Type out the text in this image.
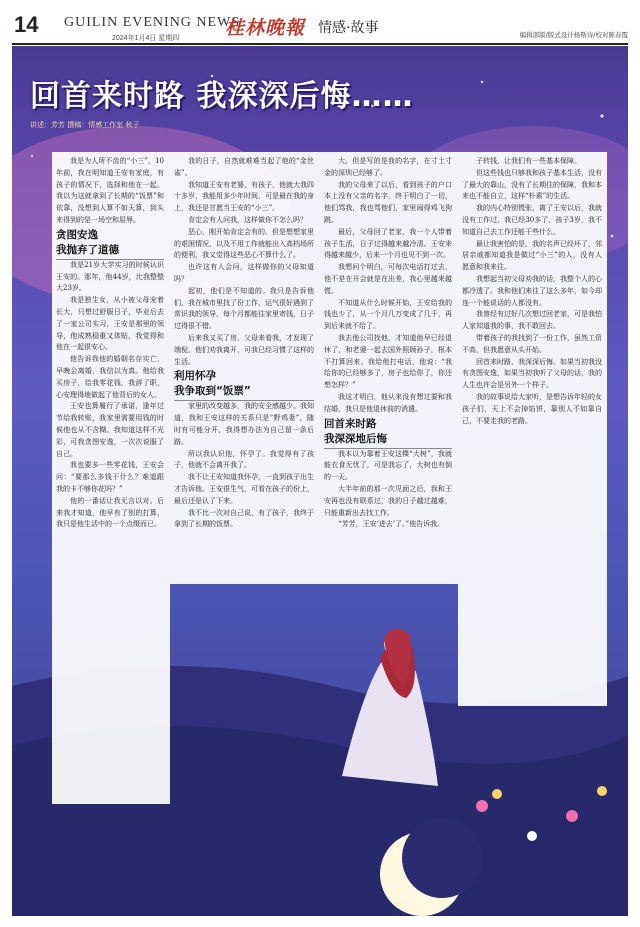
14 GUILIN EVENING NEWS
2024年1月4日 星期四 桂林晚報 情感·故事	编辑部版/版式设计杨斯诗/校对陈春霞
回首来时路 我深深后悔……
讲述：芳芳 撰稿：情感工作室 秋子

我是为人所不齿的“小三”，10年前，我在明知道王安有家庭，有孩子的情况下，选择和他在一起。我以为这就拿到了长期的“饭票”和依靠，没想到人算不如天算，到头来得到的是一场空和屈辱。

贪图安逸

我抛弃了道德

我是21岁大学实习的时候认识王安的。那年，他44岁，比我整整大23岁。

我是独生女，从小被父母宠着长大，只想过舒服日子，毕业后去了一家公司实习，王安是那里的领导，他成熟稳重又体贴，我觉得和他在一起很安心。

他告诉我他的婚姻名存实亡，早晚会离婚，我信以为真。他给我买房子，给我零花钱，我辞了职，心安理得地做起了他背后的女人。

王安也算履行了承诺，逢年过节给我转账，我家里需要用钱的时候他也从不含糊。我知道这样不光彩，可我贪图安逸，一次次说服了自己。

我也要多一些零花钱，王安会问：“要那么多钱干什么？难道跟我的卡不够你花吗？”

他的一番话让我无言以对。后来我才知道，他早有了别的打算，我只是他生活中的一个点缀而已。

我的日子，自然就难难当起了他的“金丝雀”。

我知道王安有老婆，有孩子，他就大我四十多岁，我能用多少年时间，可是最在我的身上，我还是甘愿当王安的“小三”。

肯定会有人问我，这样做你不怎么吗？

恶心，刚开始肯定会有的。但是想想家里的艰困情况，以及不用工作就能出入高档场所的便利，我又觉得这些恶心不算什么了。

也许这有人会问，这样做你的父母知道吗？

起初，他们是不知道的。我只是告诉他们，我在城市里找了份工作，运气很好遇到了赏识我的领导，每个月都能往家里寄钱，日子过得很不错。

后来我又买了房，父母来看我，才发现了端倪。他们劝我离开，可我已经习惯了这样的生活。

利用怀孕

我争取到“饭票”

家里的改变越多，我的安全感越少。我知道，我和王安这样的关系只是“野鸡妻”，随时有可能分开，我得想办法为自己留一条后路。

所以我认识他，怀孕了。我觉得有了孩子，他就不会离开我了。

我不让王安知道我怀孕，一直到孩子出生才告诉他。王安很生气，可看在孩子的份上，最后还是认了下来。

我不比一次对自己说，有了孩子，我终于拿到了长期的饭票。

大，但是写的是我的名字，在寸土寸金的深圳已经够了。

我的父母来了以后，看到孩子的户口本上没有父亲的名字，终于明白了一切，他们骂我，我也骂他们，家里闹得鸡飞狗跳。

最后，父母回了老家，我一个人带着孩子生活，日子过得越来越冷清。王安来得越来越少，后来一个月也见不到一次。

我想问个明白，可每次电话打过去，他不是在开会就是在出差，我心里越来越慌。

不知道从什么时候开始，王安给我的钱也少了，从一个月几万变成了几千，再到后来就不给了。

我去他公司找他，才知道他早已经退休了，和老婆一起去国外照顾孙子，根本不打算回来。我给他打电话，他说：“我给你的已经够多了，房子也给你了，你还想怎样？”

我这才明白，他从来没有想过要和我结婚，我只是他退休前的消遣。

回首来时路

我深深地后悔

我本以为靠着王安这棵“大树”，我就能衣食无忧了，可是我忘了，大树也有倒的一天。

大半年前的那一次见面之后，我和王安再也没有联系过，我的日子越过越难，只能重新出去找工作。

“芳芳，王安‘进去’了。”他告诉我。

子转钱，让我们有一些基本保障。

但这些钱也只够我和孩子基本生活，没有了最大的靠山，没有了长期住的保障，我和本来也不能自立，这样“朴素”的生活。

我的内心特别慌张，离了王安以后，我就没有工作过，我已经30多了，孩子3岁，我不知道自己去工作还能干些什么。

最让我害怕的是，我的名声已经坏了，邻居亲戚都知道我是做过“小三”的人，没有人愿意和我来往。

我想起当初父母劝我的话，我整个人的心都冷透了。我和他们来往了这么多年，如今却连一个能说话的人都没有。

我曾经有过好几次想过回老家，可是我怕人家知道我的事，我不敢回去。

带着孩子的我找到了一份工作，虽然工资不高，但我愿意从头开始。

回首来时路，我深深后悔。如果当初我没有贪图安逸，如果当初我听了父母的话，我的人生也许会是另外一个样子。

我的故事说给大家听，是想告诉年轻的女孩子们，天上不会掉馅饼，靠别人不如靠自己，不要走我的老路。
